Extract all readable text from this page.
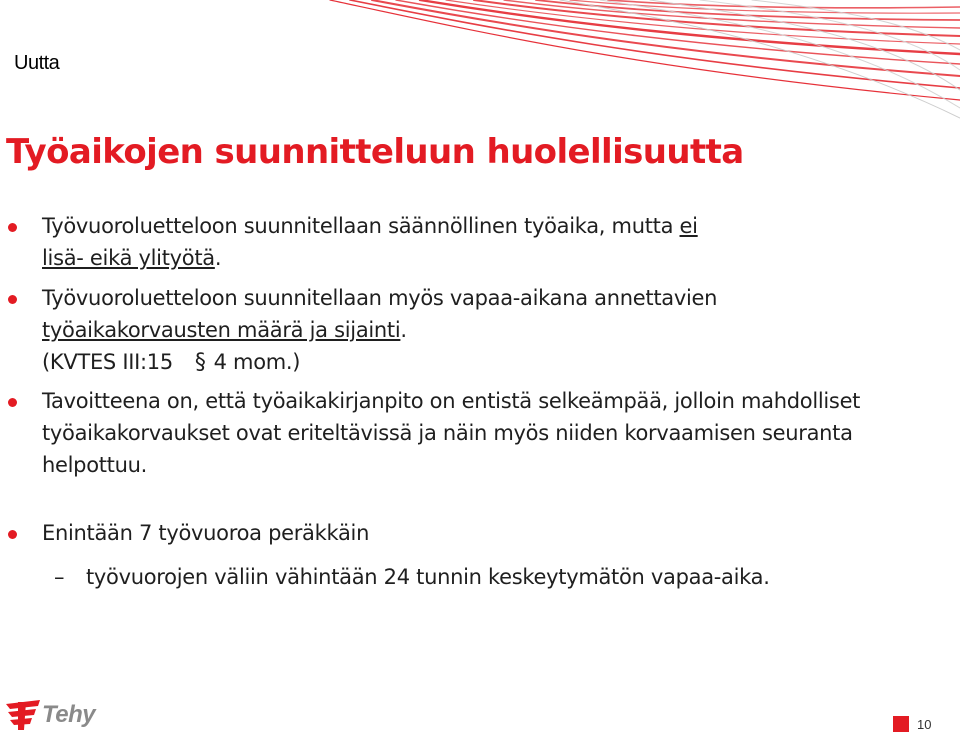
Uutta
Työaikojen suunnitteluun huolellisuutta
Työvuoroluetteloon suunnitellaan säännöllinen työaika, mutta ei
lisä- eikä ylityötä.
Työvuoroluetteloon suunnitellaan myös vapaa-aikana annettavien
työaikakorvausten määrä ja sijainti.
(KVTES III:15 § 4 mom.)
Tavoitteena on, että työaikakirjanpito on entistä selkeämpää, jolloin mahdolliset työaikakorvaukset ovat eriteltävissä ja näin myös niiden korvaamisen seuranta helpottuu.
Enintään 7 työvuoroa peräkkäin
– työvuorojen väliin vähintään 24 tunnin keskeytymätön vapaa-aika.
Tehy	10
